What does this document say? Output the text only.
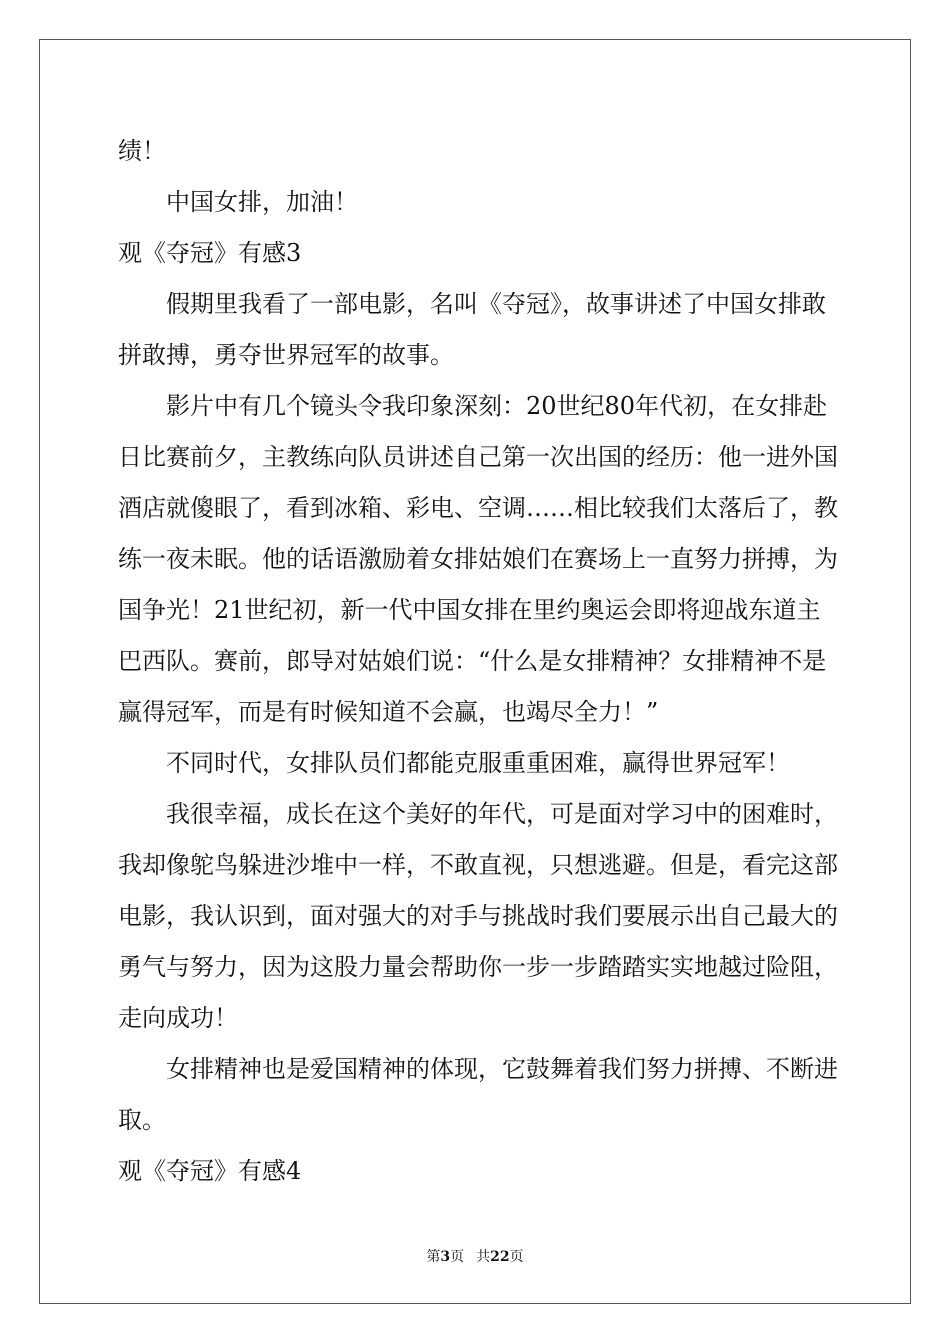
绩！
中国女排，加油！
观《夺冠》有感3
假期里我看了一部电影，名叫《夺冠》，故事讲述了中国女排敢
拼敢搏，勇夺世界冠军的故事。
影片中有几个镜头令我印象深刻：20世纪80年代初，在女排赴
日比赛前夕，主教练向队员讲述自己第一次出国的经历：他一进外国
酒店就傻眼了，看到冰箱、彩电、空调……相比较我们太落后了，教
练一夜未眠。他的话语激励着女排姑娘们在赛场上一直努力拼搏，为
国争光！21世纪初，新一代中国女排在里约奥运会即将迎战东道主
巴西队。赛前，郎导对姑娘们说：“什么是女排精神？女排精神不是
赢得冠军，而是有时候知道不会赢，也竭尽全力！”
不同时代，女排队员们都能克服重重困难，赢得世界冠军！
我很幸福，成长在这个美好的年代，可是面对学习中的困难时，
我却像鸵鸟躲进沙堆中一样，不敢直视，只想逃避。但是，看完这部
电影，我认识到，面对强大的对手与挑战时我们要展示出自己最大的
勇气与努力，因为这股力量会帮助你一步一步踏踏实实地越过险阻，
走向成功！
女排精神也是爱国精神的体现，它鼓舞着我们努力拼搏、不断进
取。
观《夺冠》有感4
第3页 共22页
